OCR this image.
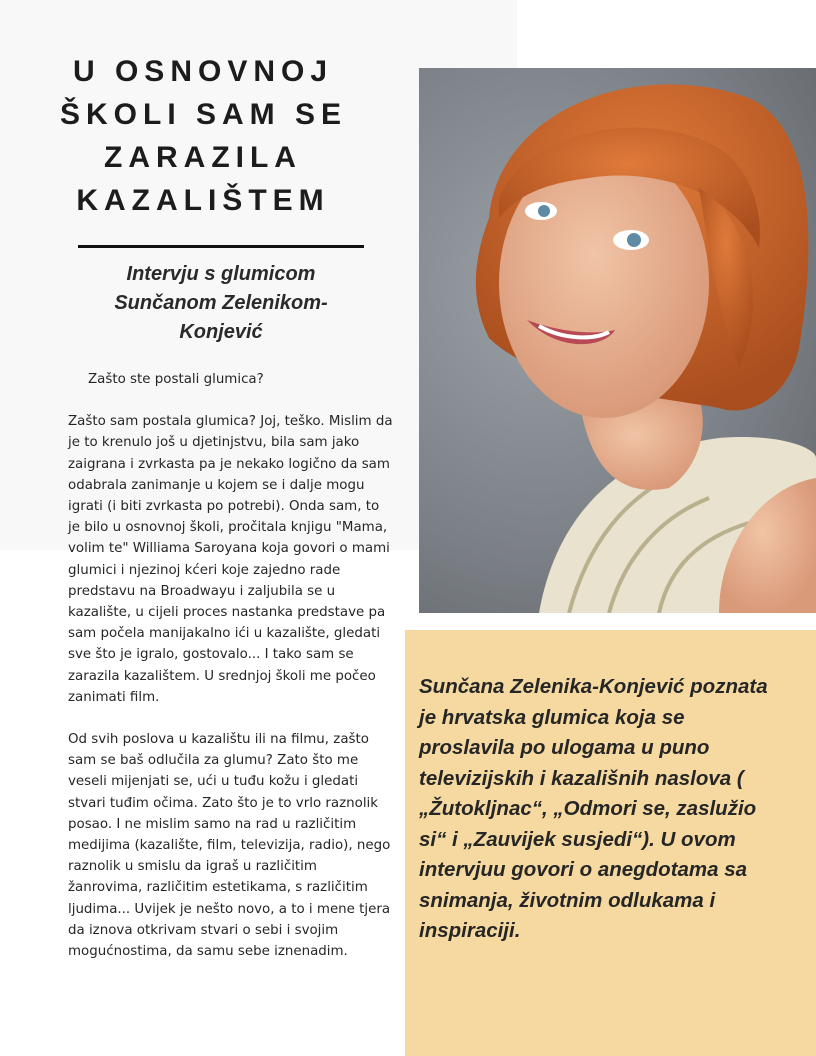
U OSNOVNOJ
ŠKOLI SAM SE
ZARAZILA
KAZALIŠTEM
Intervju s glumicom Sunčanom Zelenikom-Konjević

Zašto ste postali glumica?

Zašto sam postala glumica? Joj, teško. Mislim da je to krenulo još u djetinjstvu, bila sam jako zaigrana i zvrkasta pa je nekako logično da sam odabrala zanimanje u kojem se i dalje mogu igrati (i biti zvrkasta po potrebi). Onda sam, to je bilo u osnovnoj školi, pročitala knjigu "Mama, volim te" Williama Saroyana koja govori o mami glumici i njezinoj kćeri koje zajedno rade predstavu na Broadwayu i zaljubila se u kazalište, u cijeli proces nastanka predstave pa sam počela manijakalno ići u kazalište, gledati sve što je igralo, gostovalo... I tako sam se zarazila kazalištem. U srednjoj školi me počeo zanimati film.

Od svih poslova u kazalištu ili na filmu, zašto sam se baš odlučila za glumu? Zato što me veseli mijenjati se, ući u tuđu kožu i gledati stvari tuđim očima. Zato što je to vrlo raznolik posao. I ne mislim samo na rad u različitim medijima (kazalište, film, televizija, radio), nego raznolik u smislu da igraš u različitim žanrovima, različitim estetikama, s različitim ljudima... Uvijek je nešto novo, a to i mene tjera da iznova otkrivam stvari o sebi i svojim mogućnostima, da samu sebe iznenadim.

Sunčana Zelenika-Konjević poznata je hrvatska glumica koja se proslavila po ulogama u puno televizijskih i kazališnih naslova ( „Žutokljnac“, „Odmori se, zaslužio si“ i „Zauvijek susjedi“). U ovom intervjuu govori o anegdotama sa snimanja, životnim odlukama i inspiraciji.
